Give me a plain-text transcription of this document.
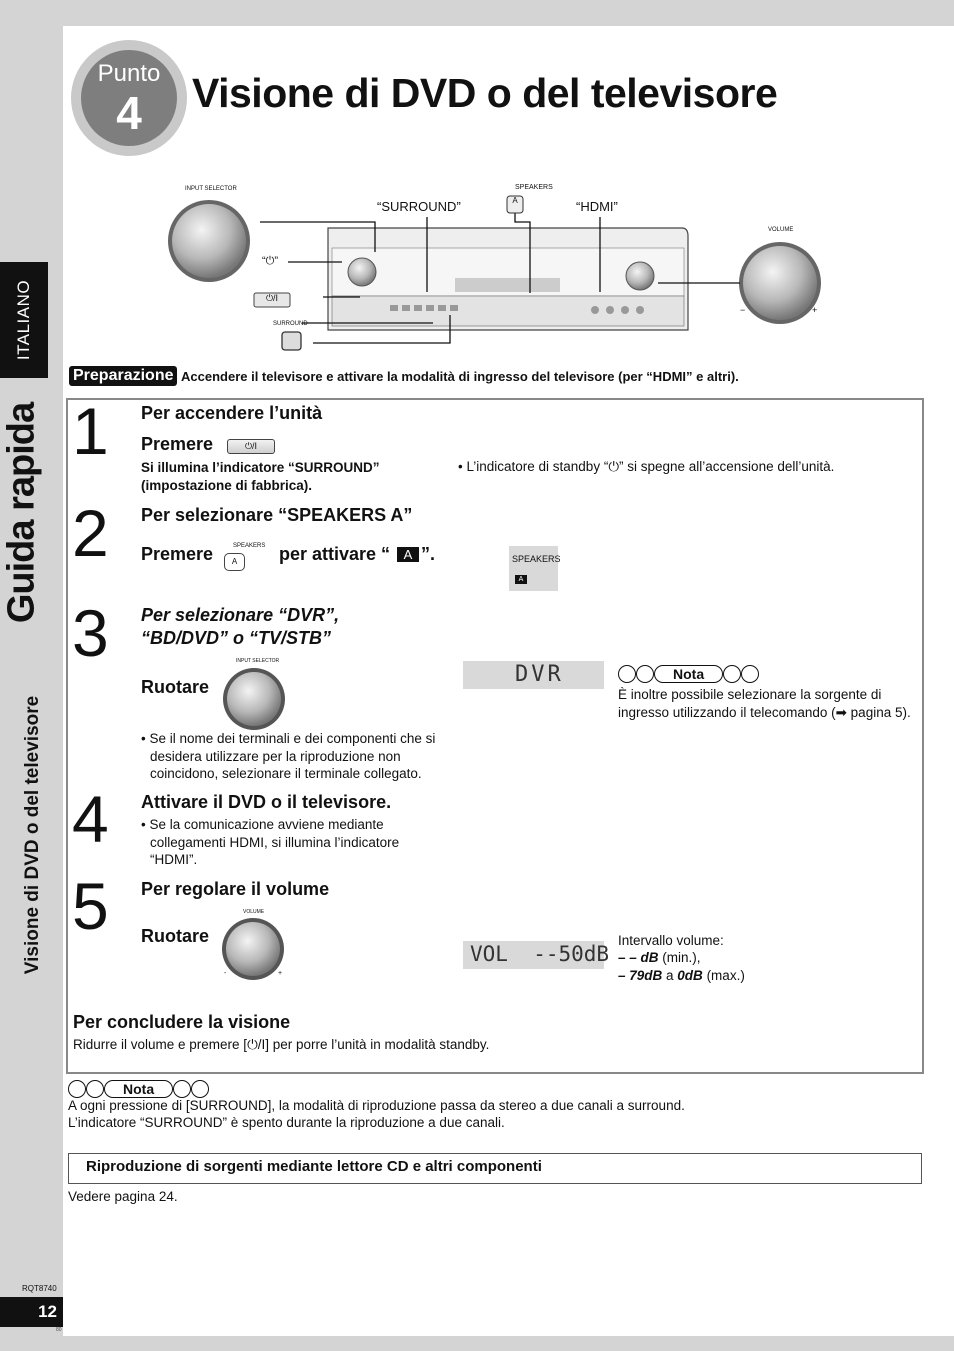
ITALIANO
Guida rapida
Visione di DVD o del televisore
RQT8740
12
80
Punto
4	Visione di DVD o del televisore
INPUT SELECTOR
“SURROUND”
SPEAKERS
A	“HDMI”
VOLUME
“⏻”
⏻/I
SURROUND
−	+
Preparazione Accendere il televisore e attivare la modalità di ingresso del televisore (per “HDMI” e altri).
1 Per accendere l’unità
Premere	⏻/I
Si illumina l’indicatore “SURROUND”
(impostazione di fabbrica).
• L’indicatore di standby “⏻” si spegne all’accensione dell’unità.
2 Per selezionare “SPEAKERS A”
Premere	SPEAKERS
A	per attivare “	A ”.	SPEAKERS
A
3 Per selezionare “DVR”,
“BD/DVD” o “TV/STB”
Ruotare
INPUT SELECTOR
• Se il nome dei terminali e dei componenti che si desidera utilizzare per la riproduzione non coincidono, selezionare il terminale collegato.
DVR	Nota
È inoltre possibile selezionare la sorgente di ingresso utilizzando il telecomando (➡ pagina 5).
4 Attivare il DVD o il televisore.
• Se la comunicazione avviene mediante collegamenti HDMI, si illumina l’indicatore “HDMI”.
5 Per regolare il volume
Ruotare
VOLUME
-	+
VOL  --50dB
Intervallo volume:
– – dB (min.),
– 79dB a 0dB (max.)
Per concludere la visione
Ridurre il volume e premere [⏻/I] per porre l’unità in modalità standby.
Nota
A ogni pressione di [SURROUND], la modalità di riproduzione passa da stereo a due canali a surround.
L’indicatore “SURROUND” è spento durante la riproduzione a due canali.
Riproduzione di sorgenti mediante lettore CD e altri componenti
Vedere pagina 24.
